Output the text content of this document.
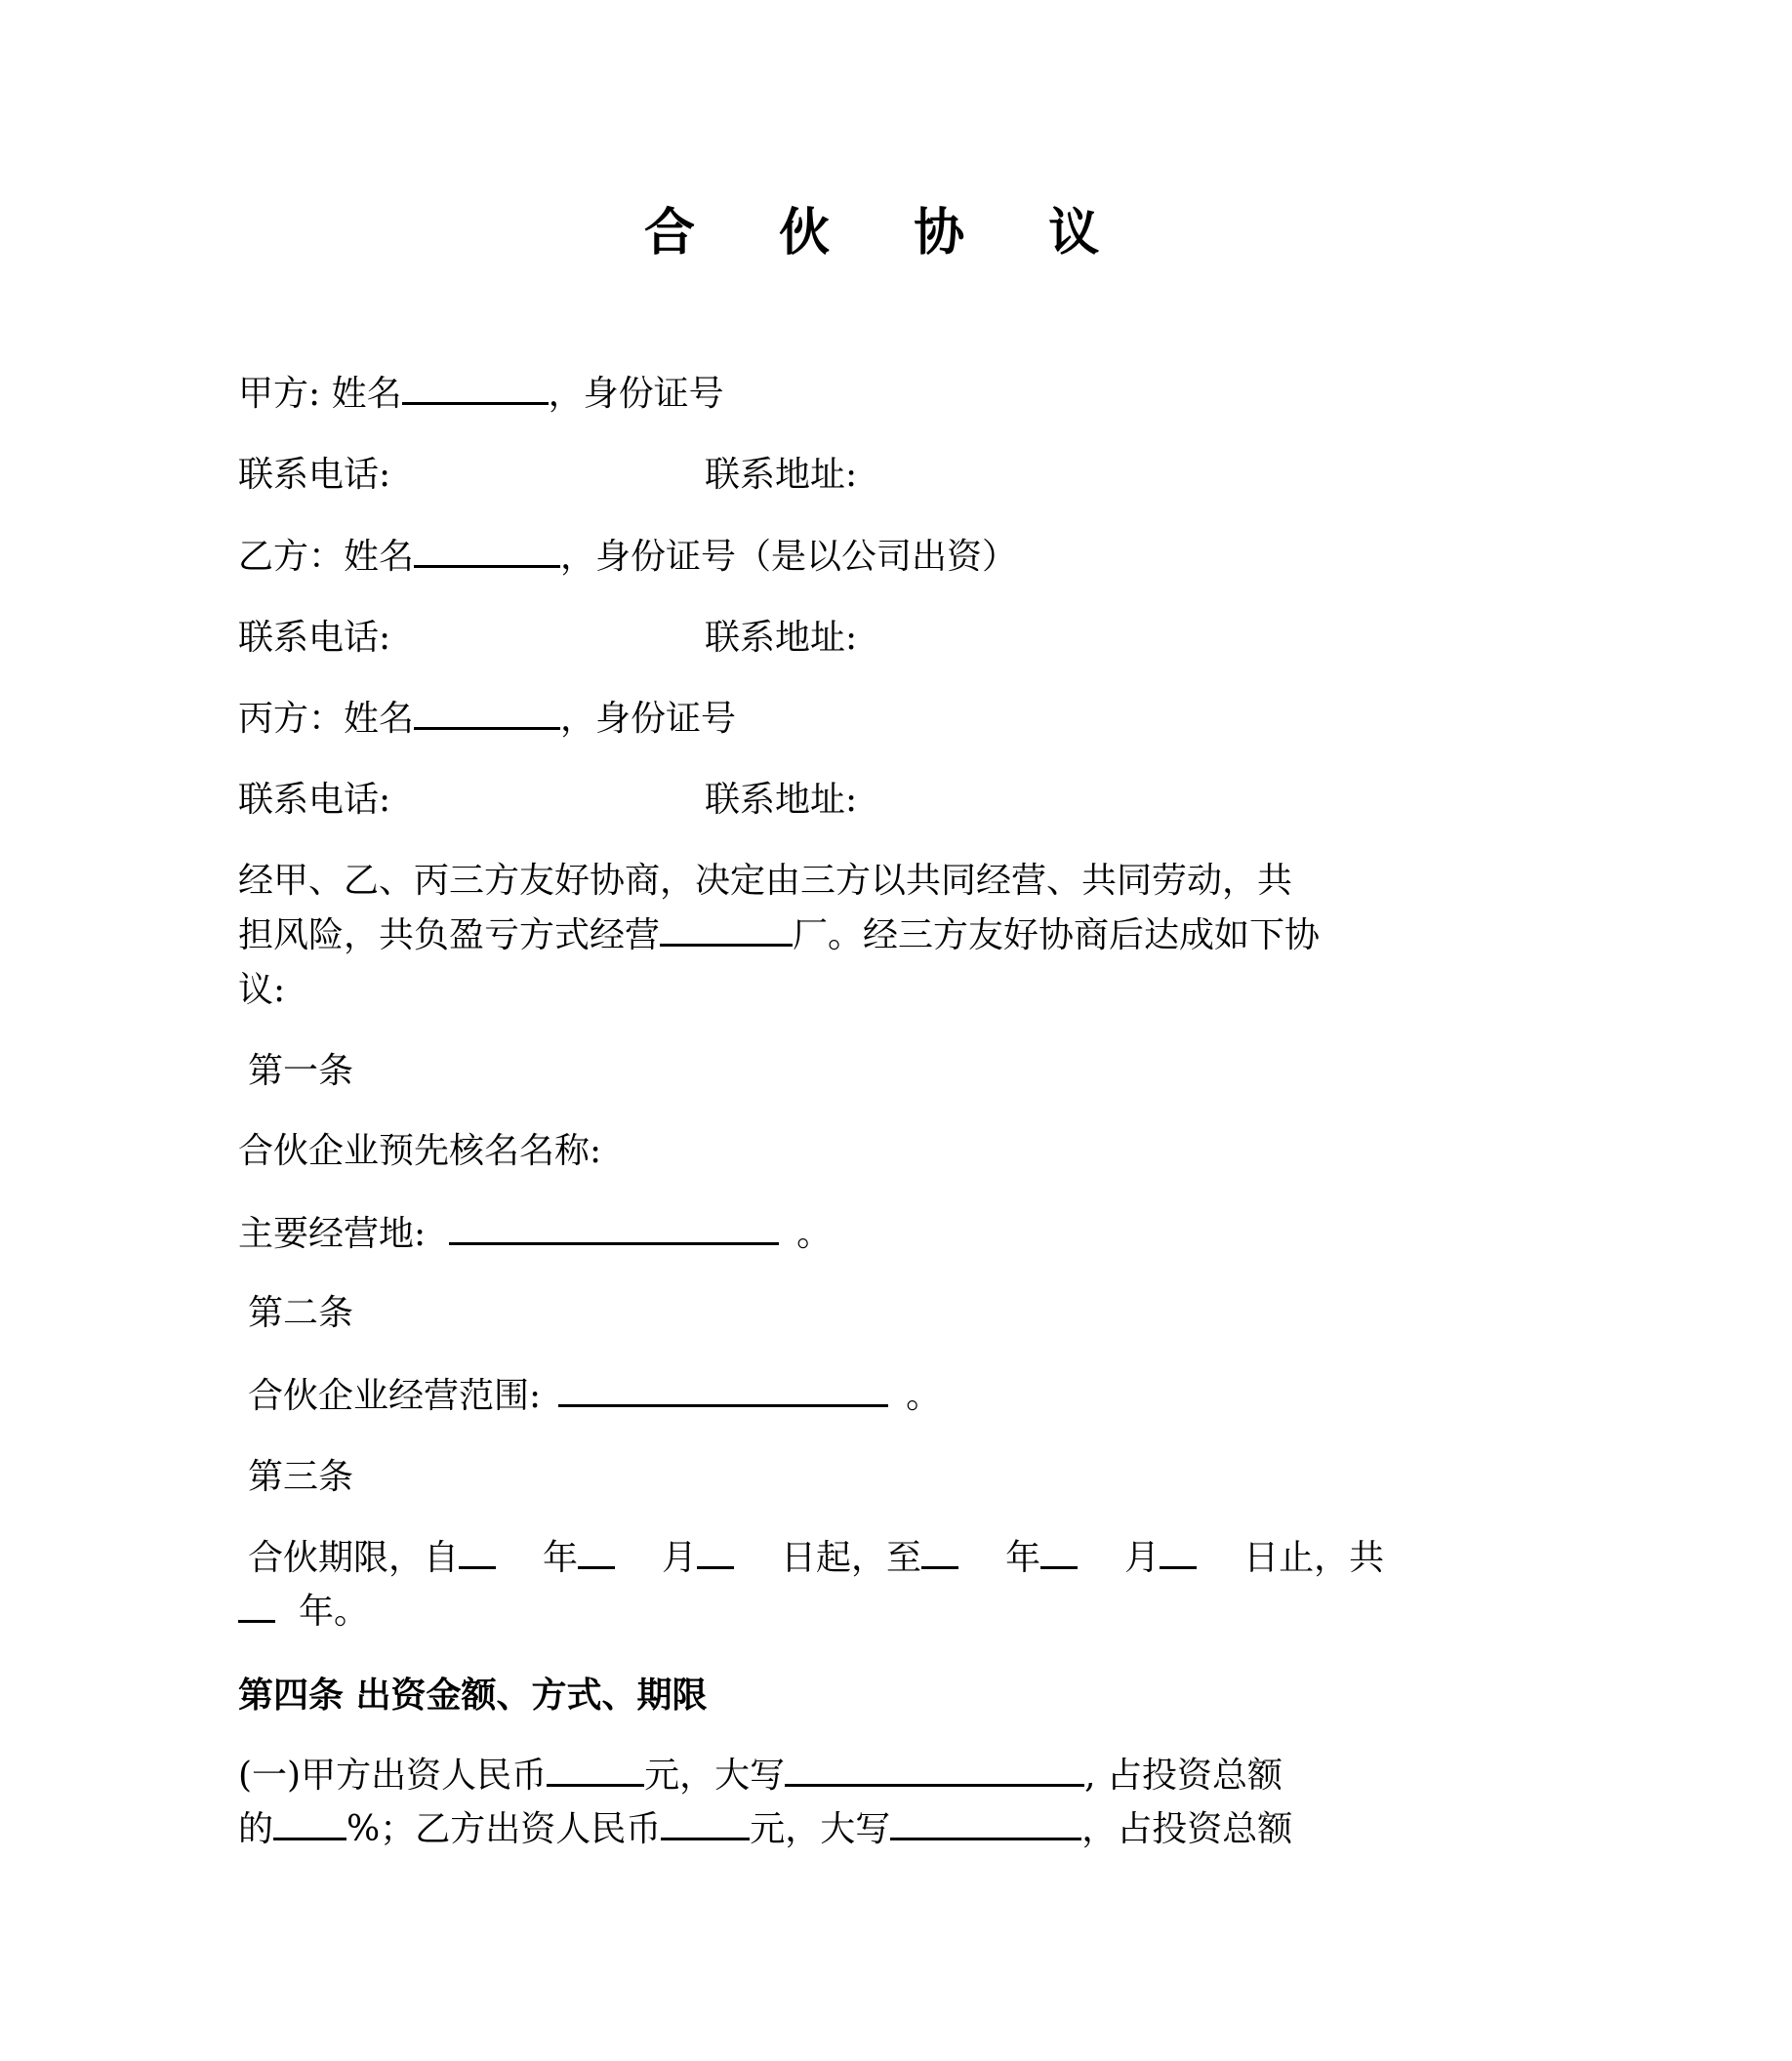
合 伙 协 议
甲方: 姓名	，身份证号
联系电话:	联系地址:
乙方：姓名	，身份证号（是以公司出资）
联系电话:	联系地址:
丙方：姓名	，身份证号
联系电话:	联系地址:
经甲、乙、丙三方友好协商，决定由三方以共同经营、共同劳动，共
担风险，共负盈亏方式经营	厂。经三方友好协商后达成如下协
议:
第一条
合伙企业预先核名名称:
主要经营地:	。
第二条
合伙企业经营范围:	。
第三条
合伙期限，自 年 月 日起，至 年 月 日止，共
年。
第四条 出资金额、方式、期限
(一)甲方出资人民币	元，大写	, 占投资总额
的 %；乙方出资人民币	元，大写	，占投资总额
